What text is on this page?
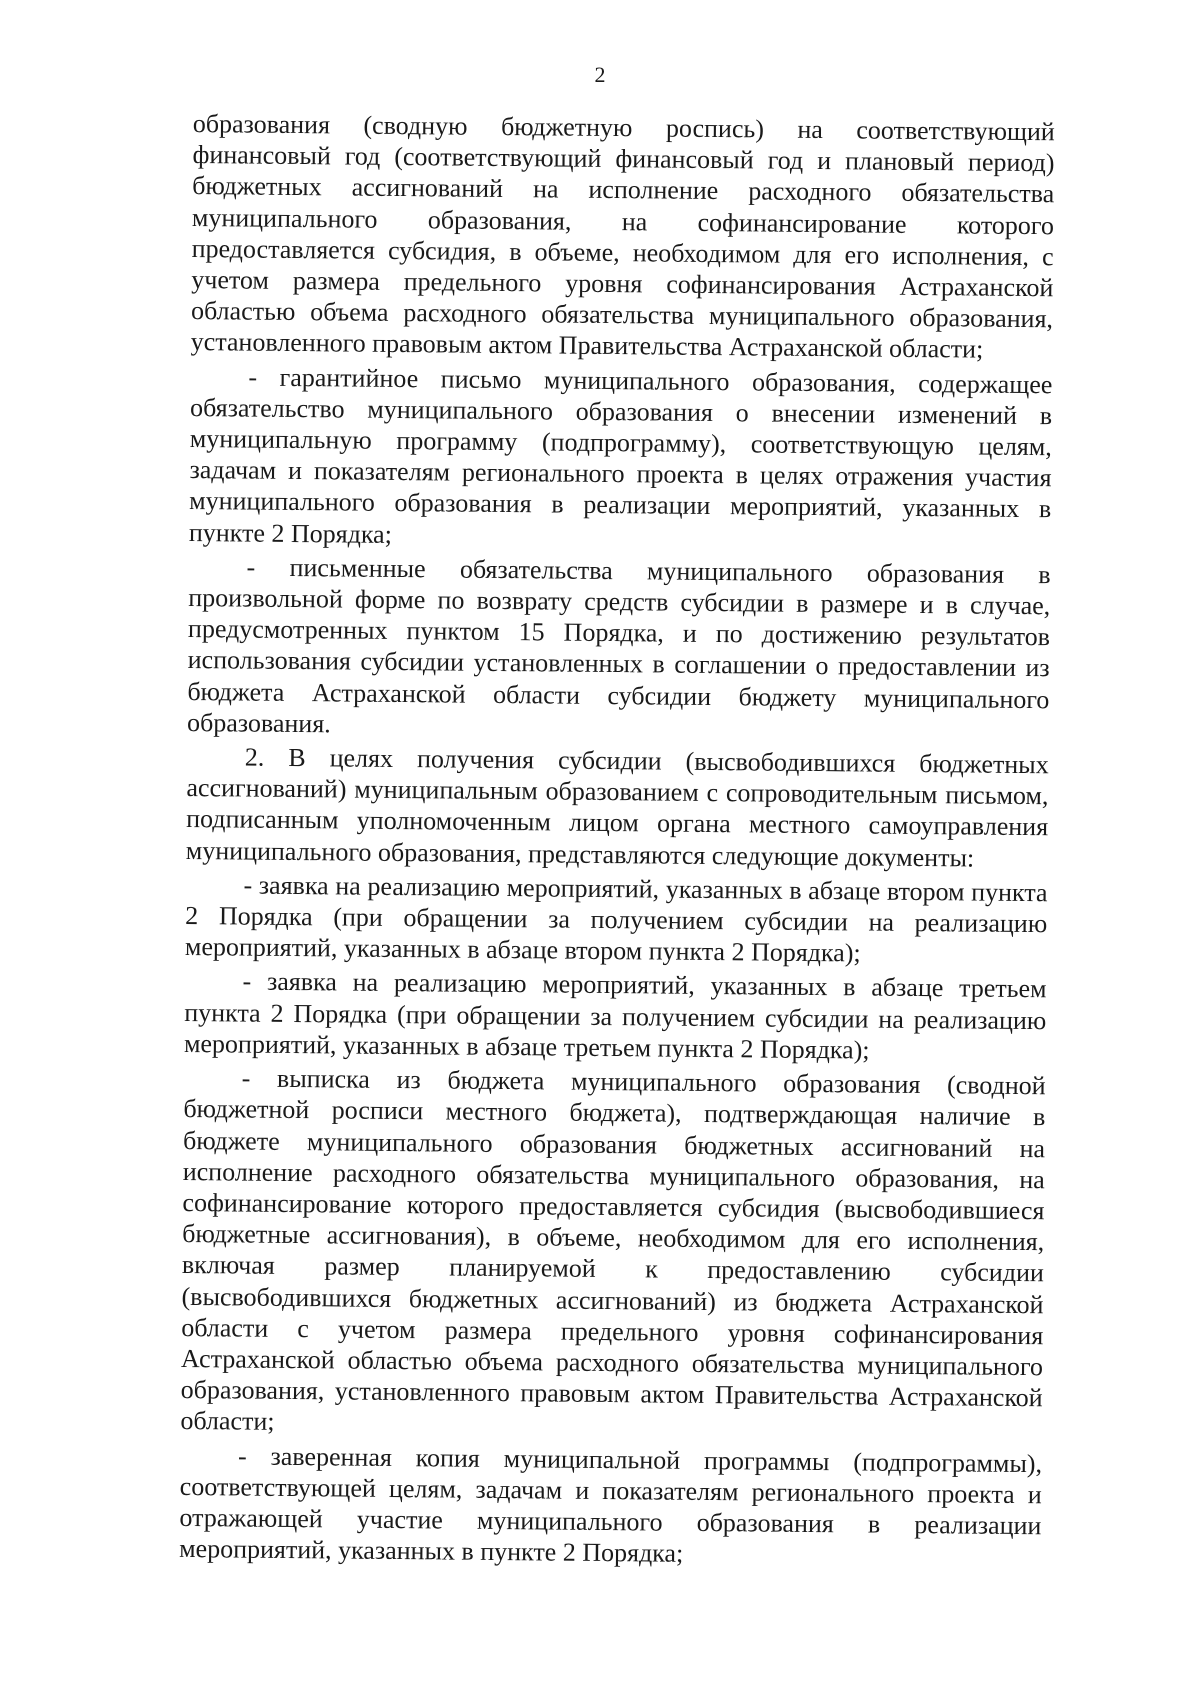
2

образования (сводную бюджетную роспись) на соответствующий финансовый год (соответствующий финансовый год и плановый период) бюджетных ассигнований на исполнение расходного обязательства муниципального образования, на софинансирование которого предоставляется субсидия, в объеме, необходимом для его исполнения, с учетом размера предельного уровня софинансирования Астраханской областью объема расходного обязательства муниципального образования, установленного правовым актом Правительства Астраханской области;

- гарантийное письмо муниципального образования, содержащее обязательство муниципального образования о внесении изменений в муниципальную программу (подпрограмму), соответствующую целям, задачам и показателям регионального проекта в целях отражения участия муниципального образования в реализации мероприятий, указанных в пункте 2 Порядка;

- письменные обязательства муниципального образования в произвольной форме по возврату средств субсидии в размере и в случае, предусмотренных пунктом 15 Порядка, и по достижению результатов использования субсидии установленных в соглашении о предоставлении из бюджета Астраханской области субсидии бюджету муниципального образования.

2. В целях получения субсидии (высвободившихся бюджетных ассигнований) муниципальным образованием с сопроводительным письмом, подписанным уполномоченным лицом органа местного самоуправления муниципального образования, представляются следующие документы:

- заявка на реализацию мероприятий, указанных в абзаце втором пункта 2 Порядка (при обращении за получением субсидии на реализацию мероприятий, указанных в абзаце втором пункта 2 Порядка);

- заявка на реализацию мероприятий, указанных в абзаце третьем пункта 2 Порядка (при обращении за получением субсидии на реализацию мероприятий, указанных в абзаце третьем пункта 2 Порядка);

- выписка из бюджета муниципального образования (сводной бюджетной росписи местного бюджета), подтверждающая наличие в бюджете муниципального образования бюджетных ассигнований на исполнение расходного обязательства муниципального образования, на софинансирование которого предоставляется субсидия (высвободившиеся бюджетные ассигнования), в объеме, необходимом для его исполнения, включая размер планируемой к предоставлению субсидии (высвободившихся бюджетных ассигнований) из бюджета Астраханской области с учетом размера предельного уровня софинансирования Астраханской областью объема расходного обязательства муниципального образования, установленного правовым актом Правительства Астраханской области;

- заверенная копия муниципальной программы (подпрограммы), соответствующей целям, задачам и показателям регионального проекта и отражающей участие муниципального образования в реализации мероприятий, указанных в пункте 2 Порядка;
